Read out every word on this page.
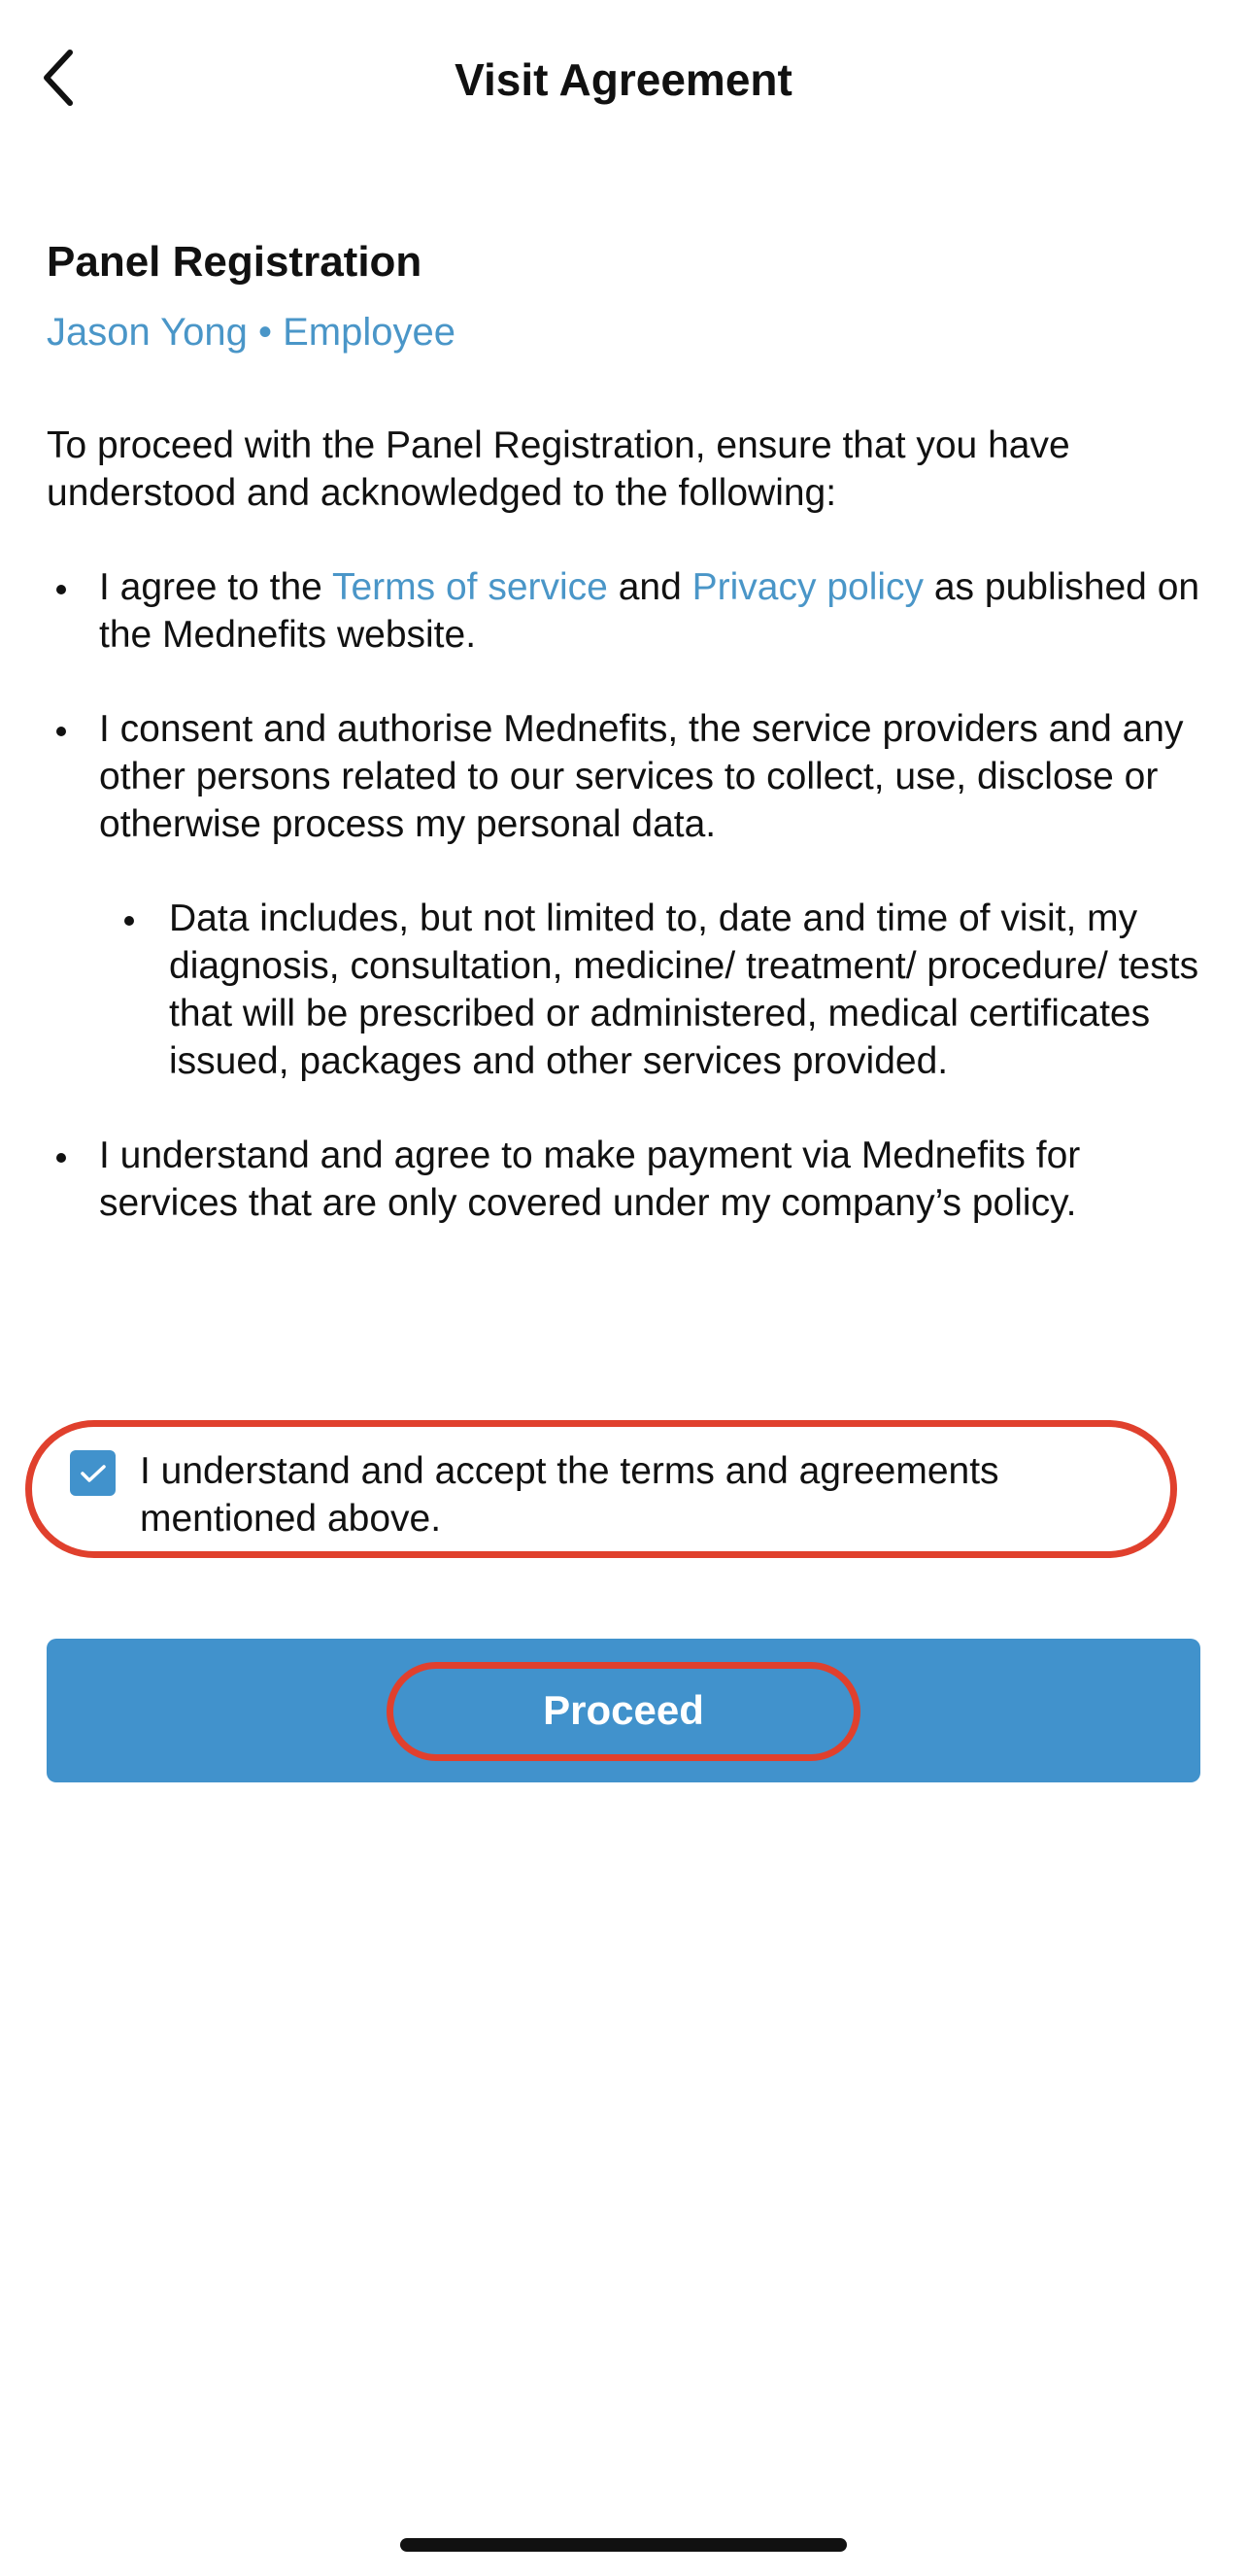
Visit Agreement
Panel Registration
Jason Yong • Employee
To proceed with the Panel Registration, ensure that you have understood and acknowledged to the following:
I agree to the Terms of service and Privacy policy as published on the Mednefits website.
I consent and authorise Mednefits, the service providers and any other persons related to our services to collect, use, disclose or otherwise process my personal data.
Data includes, but not limited to, date and time of visit, my diagnosis, consultation, medicine/ treatment/ procedure/ tests that will be prescribed or administered, medical certificates issued, packages and other services provided.
I understand and agree to make payment via Mednefits for services that are only covered under my company’s policy.
I understand and accept the terms and agreements mentioned above.
Proceed
